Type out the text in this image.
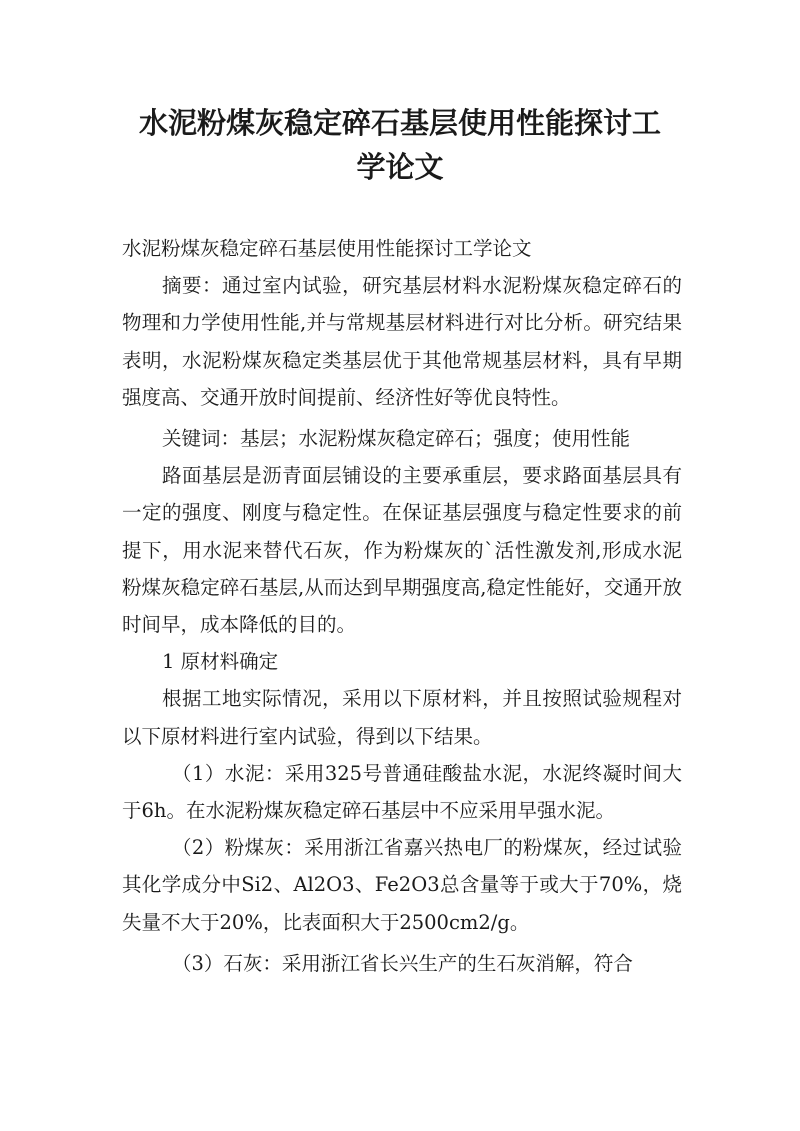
水泥粉煤灰稳定碎石基层使用性能探讨工
学论文

水泥粉煤灰稳定碎石基层使用性能探讨工学论文

摘要：通过室内试验，研究基层材料水泥粉煤灰稳定碎石的物理和力学使用性能,并与常规基层材料进行对比分析。研究结果表明，水泥粉煤灰稳定类基层优于其他常规基层材料，具有早期强度高、交通开放时间提前、经济性好等优良特性。

关键词：基层；水泥粉煤灰稳定碎石；强度；使用性能

路面基层是沥青面层铺设的主要承重层，要求路面基层具有一定的强度、刚度与稳定性。在保证基层强度与稳定性要求的前提下，用水泥来替代石灰，作为粉煤灰的`活性激发剂,形成水泥粉煤灰稳定碎石基层,从而达到早期强度高,稳定性能好，交通开放时间早，成本降低的目的。

1 原材料确定

根据工地实际情况，采用以下原材料，并且按照试验规程对以下原材料进行室内试验，得到以下结果。

（1）水泥：采用325号普通硅酸盐水泥，水泥终凝时间大于6h。在水泥粉煤灰稳定碎石基层中不应采用早强水泥。

（2）粉煤灰：采用浙江省嘉兴热电厂的粉煤灰，经过试验其化学成分中Si2、Al2O3、Fe2O3总含量等于或大于70%，烧失量不大于20%，比表面积大于2500cm2/g。

（3）石灰：采用浙江省长兴生产的生石灰消解，符合
